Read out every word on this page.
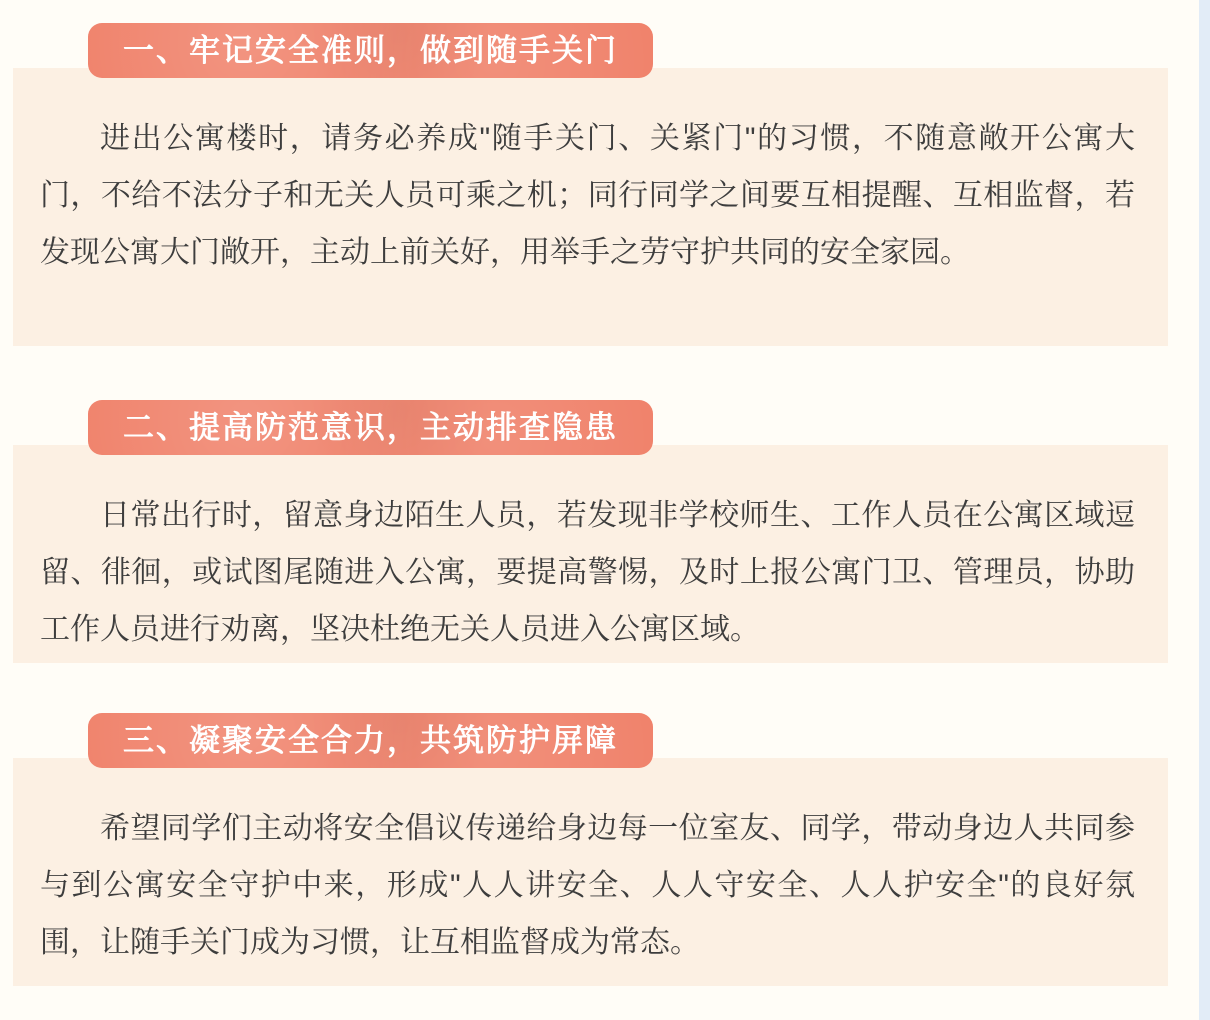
一、牢记安全准则，做到随手关门

进出公寓楼时，请务必养成"随手关门、关紧门"的习惯，不随意敞开公寓大门，不给不法分子和无关人员可乘之机；同行同学之间要互相提醒、互相监督，若发现公寓大门敞开，主动上前关好，用举手之劳守护共同的安全家园。

二、提高防范意识，主动排查隐患

日常出行时，留意身边陌生人员，若发现非学校师生、工作人员在公寓区域逗留、徘徊，或试图尾随进入公寓，要提高警惕，及时上报公寓门卫、管理员，协助工作人员进行劝离，坚决杜绝无关人员进入公寓区域。

三、凝聚安全合力，共筑防护屏障

希望同学们主动将安全倡议传递给身边每一位室友、同学，带动身边人共同参与到公寓安全守护中来，形成"人人讲安全、人人守安全、人人护安全"的良好氛围，让随手关门成为习惯，让互相监督成为常态。
